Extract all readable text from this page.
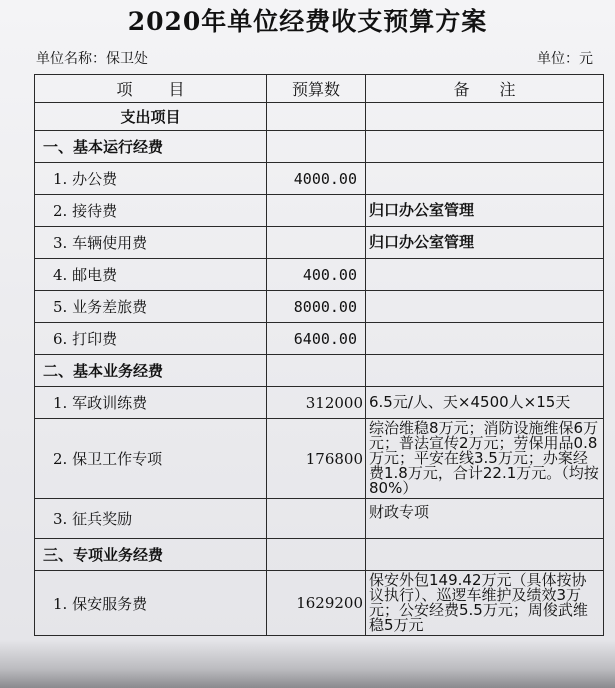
2020年单位经费收支预算方案
单位名称：保卫处	单位：元
项目	预算数	备注
支出项目		
一、基本运行经费		
1. 办公费	4000.00	
2. 接待费		归口办公室管理
3. 车辆使用费		归口办公室管理
4. 邮电费	400.00	
5. 业务差旅费	8000.00	
6. 打印费	6400.00	
二、基本业务经费		
1. 军政训练费	312000	6.5元/人、天×4500人×15天
2. 保卫工作专项	176800	综治维稳8万元；消防设施维保6万元；普法宣传2万元；劳保用品0.8万元；平安在线3.5万元；办案经费1.8万元，合计22.1万元。（均按80%）
3. 征兵奖励		财政专项
三、专项业务经费		
1. 保安服务费	1629200	保安外包149.42万元（具体按协议执行）、巡逻车维护及绩效3万元；公安经费5.5万元；周俊武维稳5万元
